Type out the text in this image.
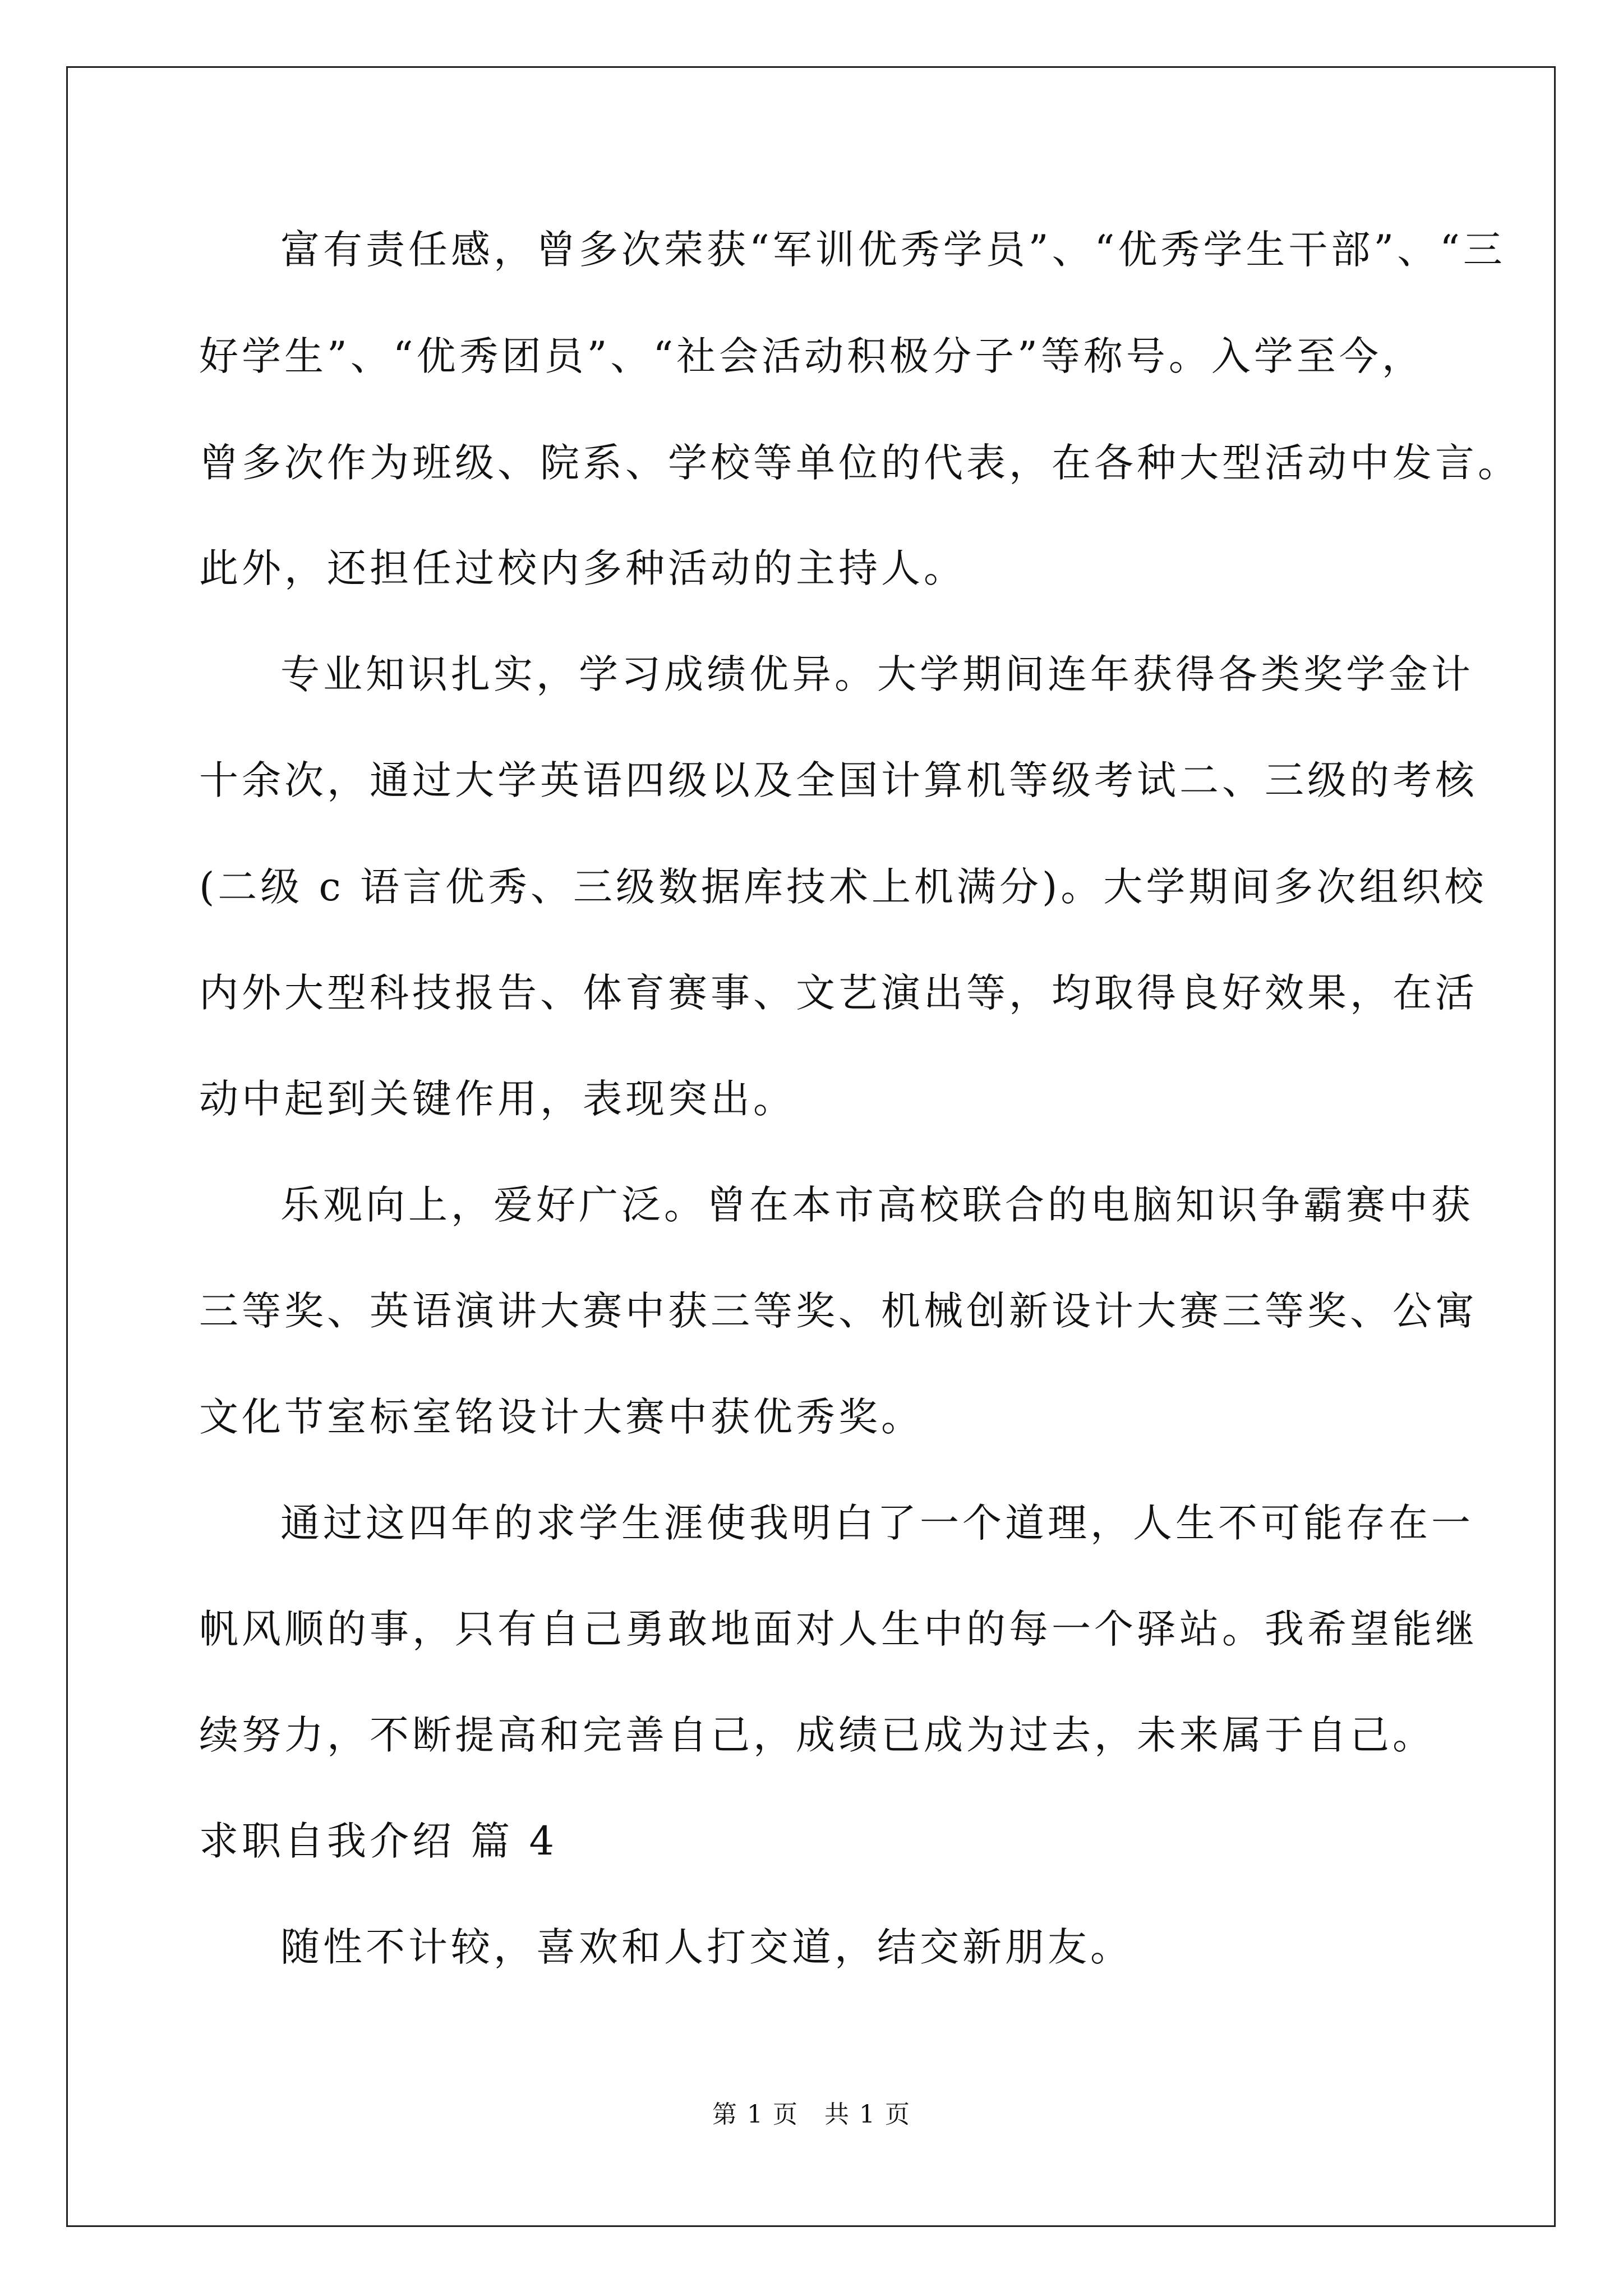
富有责任感，曾多次荣获“军训优秀学员”、“优秀学生干部”、“三
好学生”、“优秀团员”、“社会活动积极分子”等称号。入学至今，
曾多次作为班级、院系、学校等单位的代表，在各种大型活动中发言。
此外，还担任过校内多种活动的主持人。
专业知识扎实，学习成绩优异。大学期间连年获得各类奖学金计
十余次，通过大学英语四级以及全国计算机等级考试二、三级的考核
(二级 c 语言优秀、三级数据库技术上机满分)。大学期间多次组织校
内外大型科技报告、体育赛事、文艺演出等，均取得良好效果，在活
动中起到关键作用，表现突出。
乐观向上，爱好广泛。曾在本市高校联合的电脑知识争霸赛中获
三等奖、英语演讲大赛中获三等奖、机械创新设计大赛三等奖、公寓
文化节室标室铭设计大赛中获优秀奖。
通过这四年的求学生涯使我明白了一个道理，人生不可能存在一
帆风顺的事，只有自己勇敢地面对人生中的每一个驿站。我希望能继
续努力，不断提高和完善自己，成绩已成为过去，未来属于自己。
求职自我介绍 篇 4
随性不计较，喜欢和人打交道，结交新朋友。
第 1 页　共 1 页
